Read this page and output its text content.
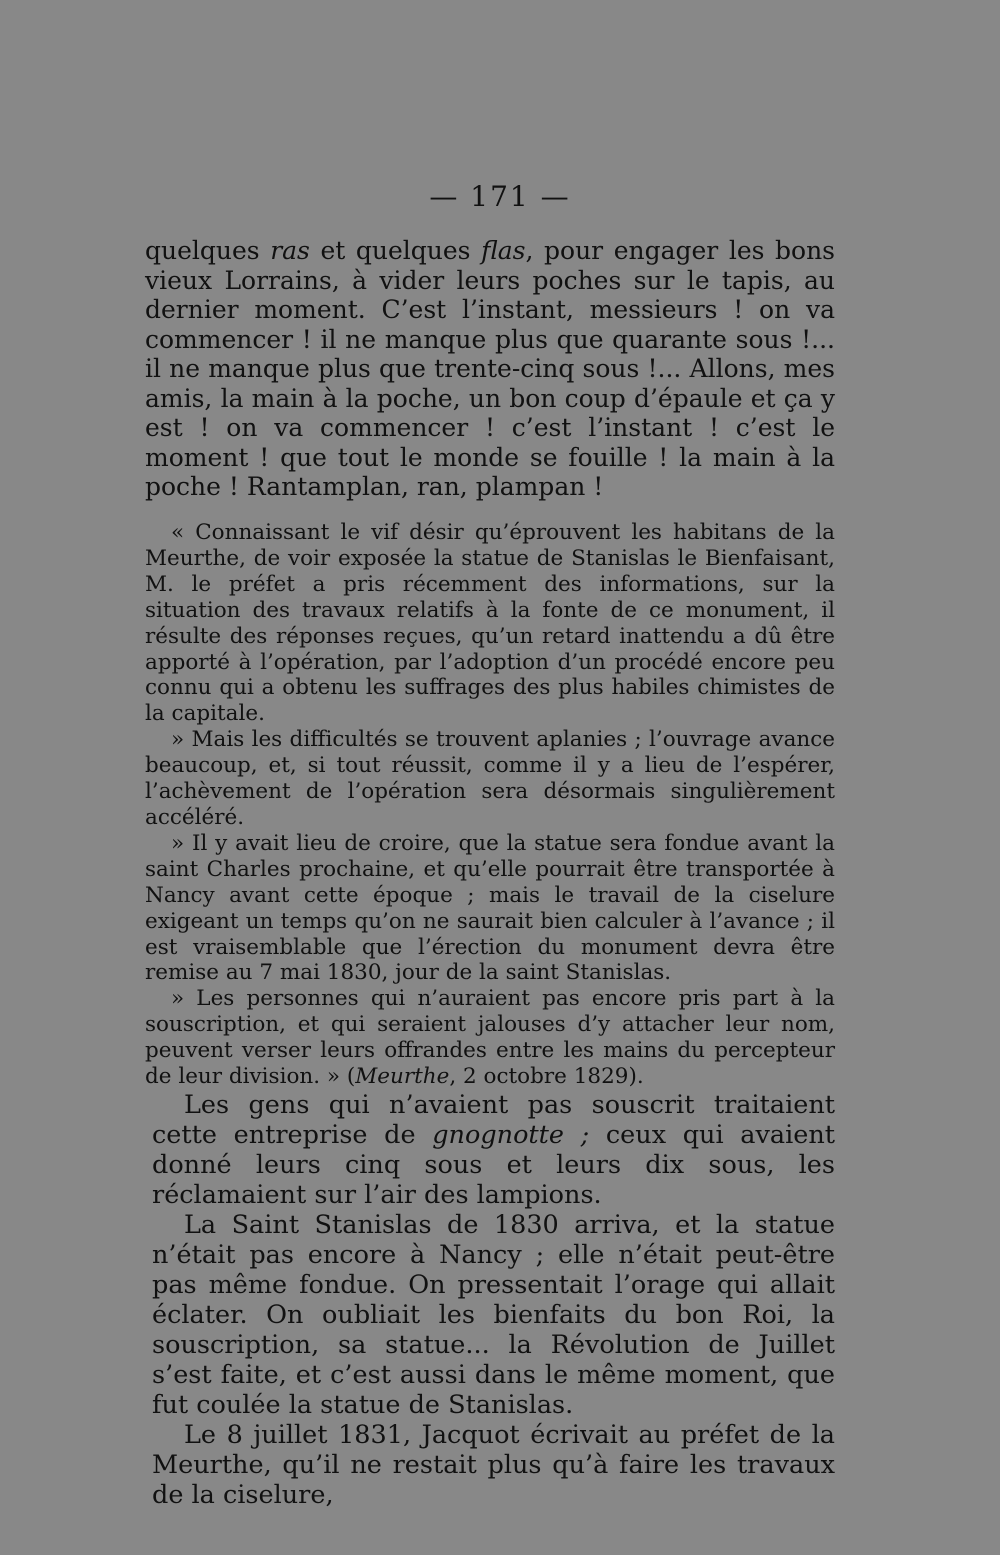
— 171 —

quelques ras et quelques flas, pour engager les bons vieux Lorrains, à vider leurs poches sur le tapis, au dernier moment. C’est l’instant, messieurs ! on va commencer ! il ne manque plus que quarante sous !... il ne manque plus que trente-cinq sous !... Allons, mes amis, la main à la poche, un bon coup d’épaule et ça y est ! on va commencer ! c’est l’instant ! c’est le moment ! que tout le monde se fouille ! la main à la poche ! Rantamplan, ran, plampan !

« Connaissant le vif désir qu’éprouvent les habitans de la Meurthe, de voir exposée la statue de Stanislas le Bienfaisant, M. le préfet a pris récemment des informations, sur la situation des travaux relatifs à la fonte de ce monument, il résulte des réponses reçues, qu’un retard inattendu a dû être apporté à l’opération, par l’adoption d’un procédé encore peu connu qui a obtenu les suffrages des plus habiles chimistes de la capitale.

» Mais les difficultés se trouvent aplanies ; l’ouvrage avance beaucoup, et, si tout réussit, comme il y a lieu de l’espérer, l’achèvement de l’opération sera désormais singulièrement accéléré.

» Il y avait lieu de croire, que la statue sera fondue avant la saint Charles prochaine, et qu’elle pourrait être transportée à Nancy avant cette époque ; mais le travail de la ciselure exigeant un temps qu’on ne saurait bien calculer à l’avance ; il est vraisemblable que l’érection du monument devra être remise au 7 mai 1830, jour de la saint Stanislas.

» Les personnes qui n’auraient pas encore pris part à la souscription, et qui seraient jalouses d’y attacher leur nom, peuvent verser leurs offrandes entre les mains du percepteur de leur division. » (Meurthe, 2 octobre 1829).

Les gens qui n’avaient pas souscrit traitaient cette entreprise de gnognotte ; ceux qui avaient donné leurs cinq sous et leurs dix sous, les réclamaient sur l’air des lampions.

La Saint Stanislas de 1830 arriva, et la statue n’était pas encore à Nancy ; elle n’était peut-être pas même fondue. On pressentait l’orage qui allait éclater. On oubliait les bienfaits du bon Roi, la souscription, sa statue... la Révolution de Juillet s’est faite, et c’est aussi dans le même moment, que fut coulée la statue de Stanislas.

Le 8 juillet 1831, Jacquot écrivait au préfet de la Meurthe, qu’il ne restait plus qu’à faire les travaux de la ciselure,
